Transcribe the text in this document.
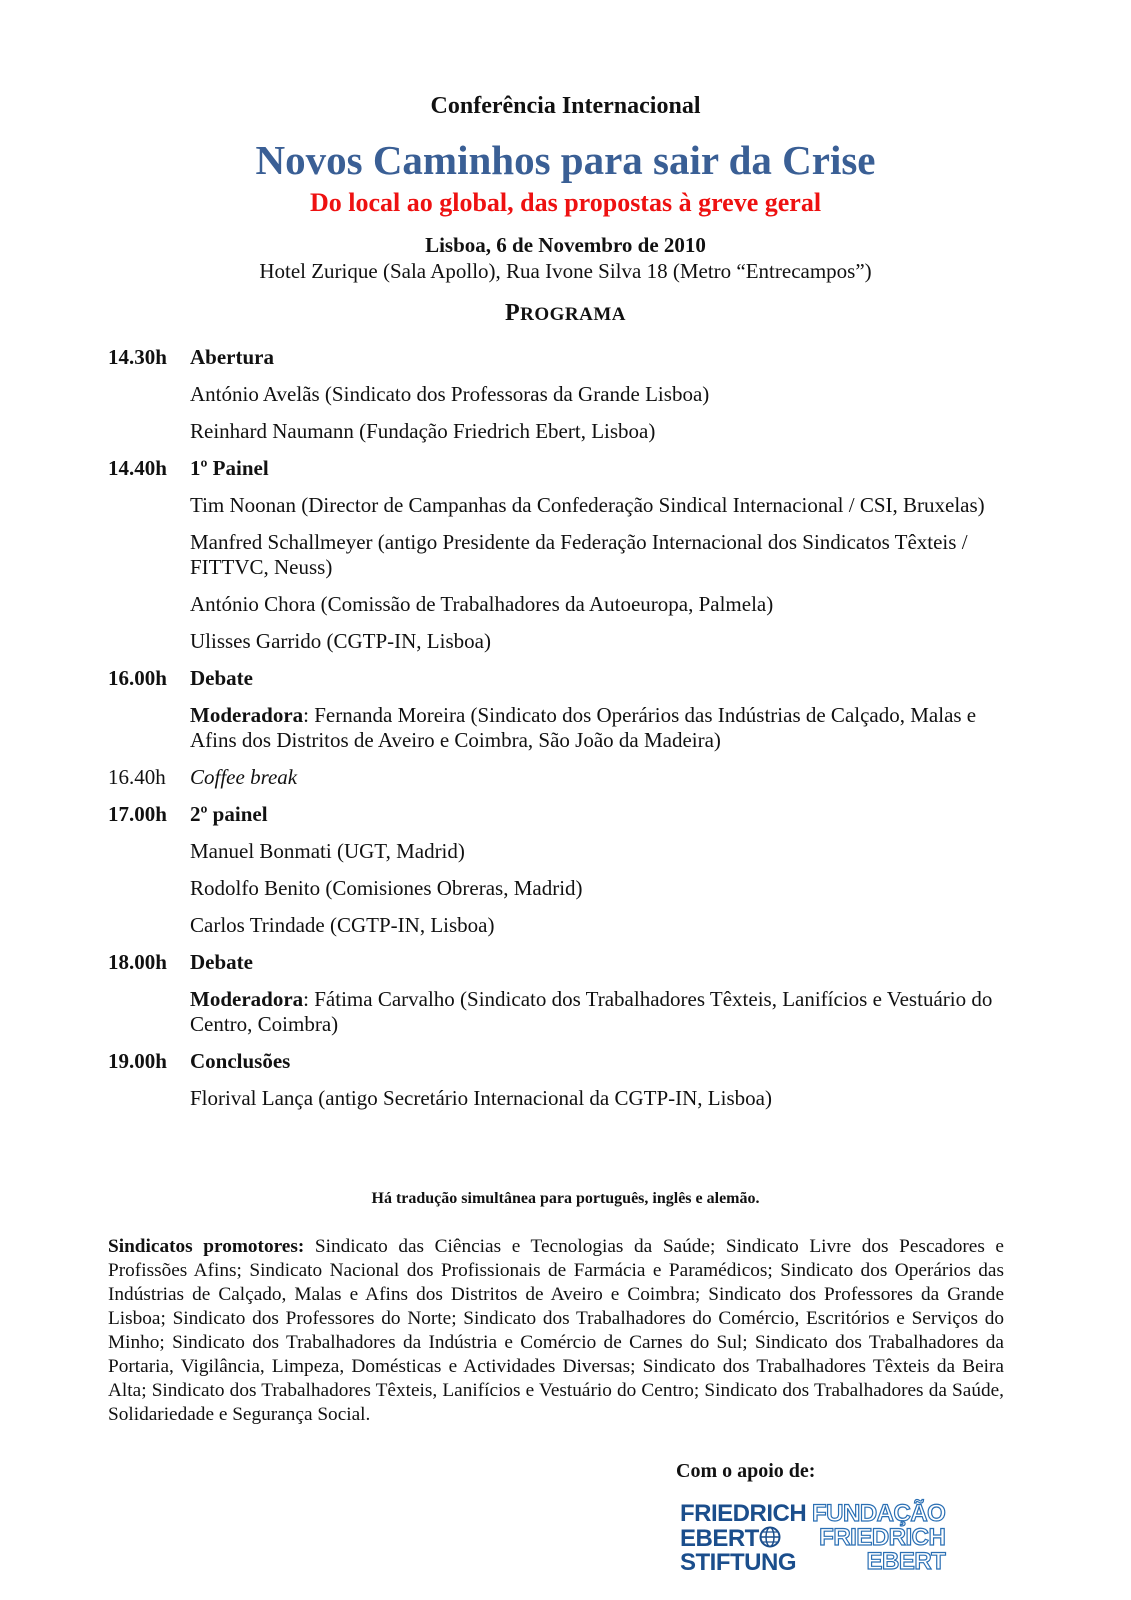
Conferência Internacional
Novos Caminhos para sair da Crise
Do local ao global, das propostas à greve geral
Lisboa, 6 de Novembro de 2010
Hotel Zurique (Sala Apollo), Rua Ivone Silva 18 (Metro “Entrecampos”)
PROGRAMA
14.30h	Abertura
António Avelãs (Sindicato dos Professoras da Grande Lisboa)
Reinhard Naumann (Fundação Friedrich Ebert, Lisboa)
14.40h	1º Painel
Tim Noonan (Director de Campanhas da Confederação Sindical Internacional / CSI, Bruxelas)
Manfred Schallmeyer (antigo Presidente da Federação Internacional dos Sindicatos Têxteis / FITTVC, Neuss)
António Chora (Comissão de Trabalhadores da Autoeuropa, Palmela)
Ulisses Garrido (CGTP-IN, Lisboa)
16.00h	Debate
Moderadora: Fernanda Moreira (Sindicato dos Operários das Indústrias de Calçado, Malas e Afins dos Distritos de Aveiro e Coimbra, São João da Madeira)
16.40h	Coffee break
17.00h	2º painel
Manuel Bonmati (UGT, Madrid)
Rodolfo Benito (Comisiones Obreras, Madrid)
Carlos Trindade (CGTP-IN, Lisboa)
18.00h	Debate
Moderadora: Fátima Carvalho (Sindicato dos Trabalhadores Têxteis, Lanifícios e Vestuário do Centro, Coimbra)
19.00h	Conclusões
Florival Lança (antigo Secretário Internacional da CGTP-IN, Lisboa)
Há tradução simultânea para português, inglês e alemão.
Sindicatos promotores: Sindicato das Ciências e Tecnologias da Saúde; Sindicato Livre dos Pescadores e Profissões Afins; Sindicato Nacional dos Profissionais de Farmácia e Paramédicos; Sindicato dos Operários das Indústrias de Calçado, Malas e Afins dos Distritos de Aveiro e Coimbra; Sindicato dos Professores da Grande Lisboa; Sindicato dos Professores do Norte; Sindicato dos Trabalhadores do Comércio, Escritórios e Serviços do Minho; Sindicato dos Trabalhadores da Indústria e Comércio de Carnes do Sul; Sindicato dos Trabalhadores da Portaria, Vigilância, Limpeza, Domésticas e Actividades Diversas; Sindicato dos Trabalhadores Têxteis da Beira Alta; Sindicato dos Trabalhadores Têxteis, Lanifícios e Vestuário do Centro; Sindicato dos Trabalhadores da Saúde, Solidariedade e Segurança Social.
Com o apoio de:
FRIEDRICH
EBERT
STIFTUNG
FUNDAÇÃO
FRIEDRICH
EBERT
